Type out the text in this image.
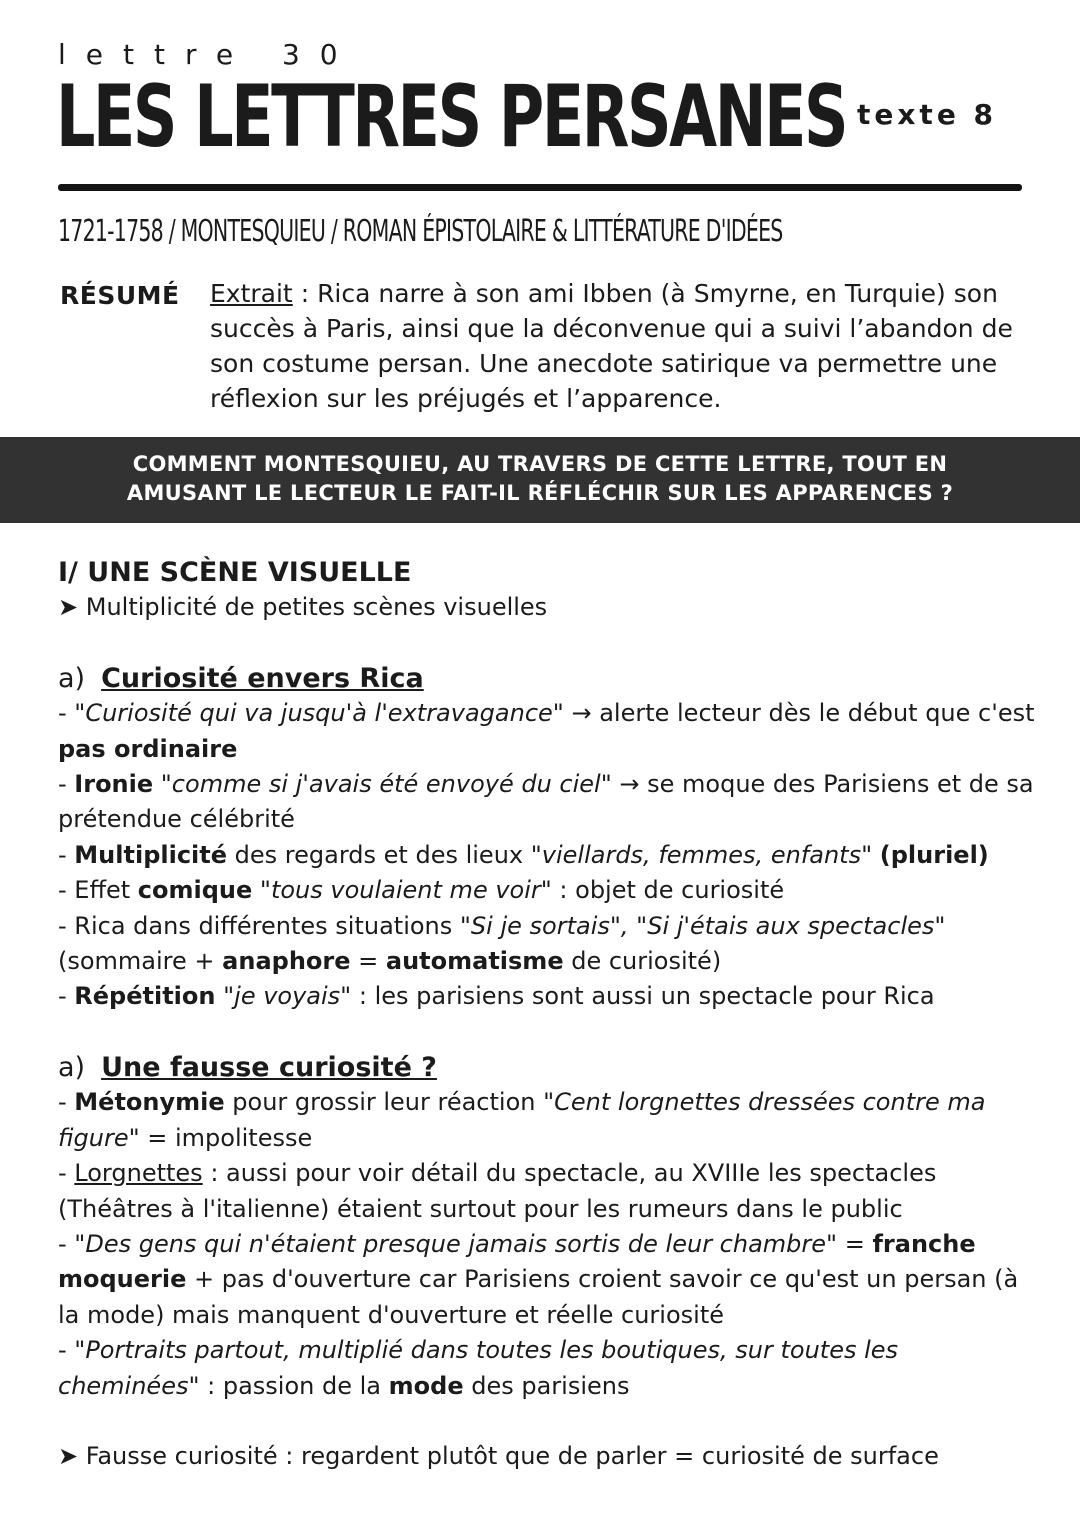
lettre 30
LES LETTRES PERSANES texte 8
1721-1758 / MONTESQUIEU / ROMAN ÉPISTOLAIRE & LITTÉRATURE D'IDÉES
RÉSUMÉ Extrait : Rica narre à son ami Ibben (à Smyrne, en Turquie) son succès à Paris, ainsi que la déconvenue qui a suivi l’abandon de son costume persan. Une anecdote satirique va permettre une réflexion sur les préjugés et l’apparence.
COMMENT MONTESQUIEU, AU TRAVERS DE CETTE LETTRE, TOUT EN
AMUSANT LE LECTEUR LE FAIT-IL RÉFLÉCHIR SUR LES APPARENCES ?

I/ UNE SCÈNE VISUELLE

➤ Multiplicité de petites scènes visuelles

a) Curiosité envers Rica

- "Curiosité qui va jusqu'à l'extravagance" → alerte lecteur dès le début que c'est pas ordinaire

- Ironie "comme si j'avais été envoyé du ciel" → se moque des Parisiens et de sa prétendue célébrité

- Multiplicité des regards et des lieux "viellards, femmes, enfants" (pluriel)

- Effet comique "tous voulaient me voir" : objet de curiosité

- Rica dans différentes situations "Si je sortais", "Si j'étais aux spectacles" (sommaire + anaphore = automatisme de curiosité)

- Répétition "je voyais" : les parisiens sont aussi un spectacle pour Rica

a) Une fausse curiosité ?

- Métonymie pour grossir leur réaction "Cent lorgnettes dressées contre ma figure" = impolitesse

- Lorgnettes : aussi pour voir détail du spectacle, au XVIIIe les spectacles (Théâtres à l'italienne) étaient surtout pour les rumeurs dans le public

- "Des gens qui n'étaient presque jamais sortis de leur chambre" = franche moquerie + pas d'ouverture car Parisiens croient savoir ce qu'est un persan (à la mode) mais manquent d'ouverture et réelle curiosité

- "Portraits partout, multiplié dans toutes les boutiques, sur toutes les cheminées" : passion de la mode des parisiens

➤ Fausse curiosité : regardent plutôt que de parler = curiosité de surface
